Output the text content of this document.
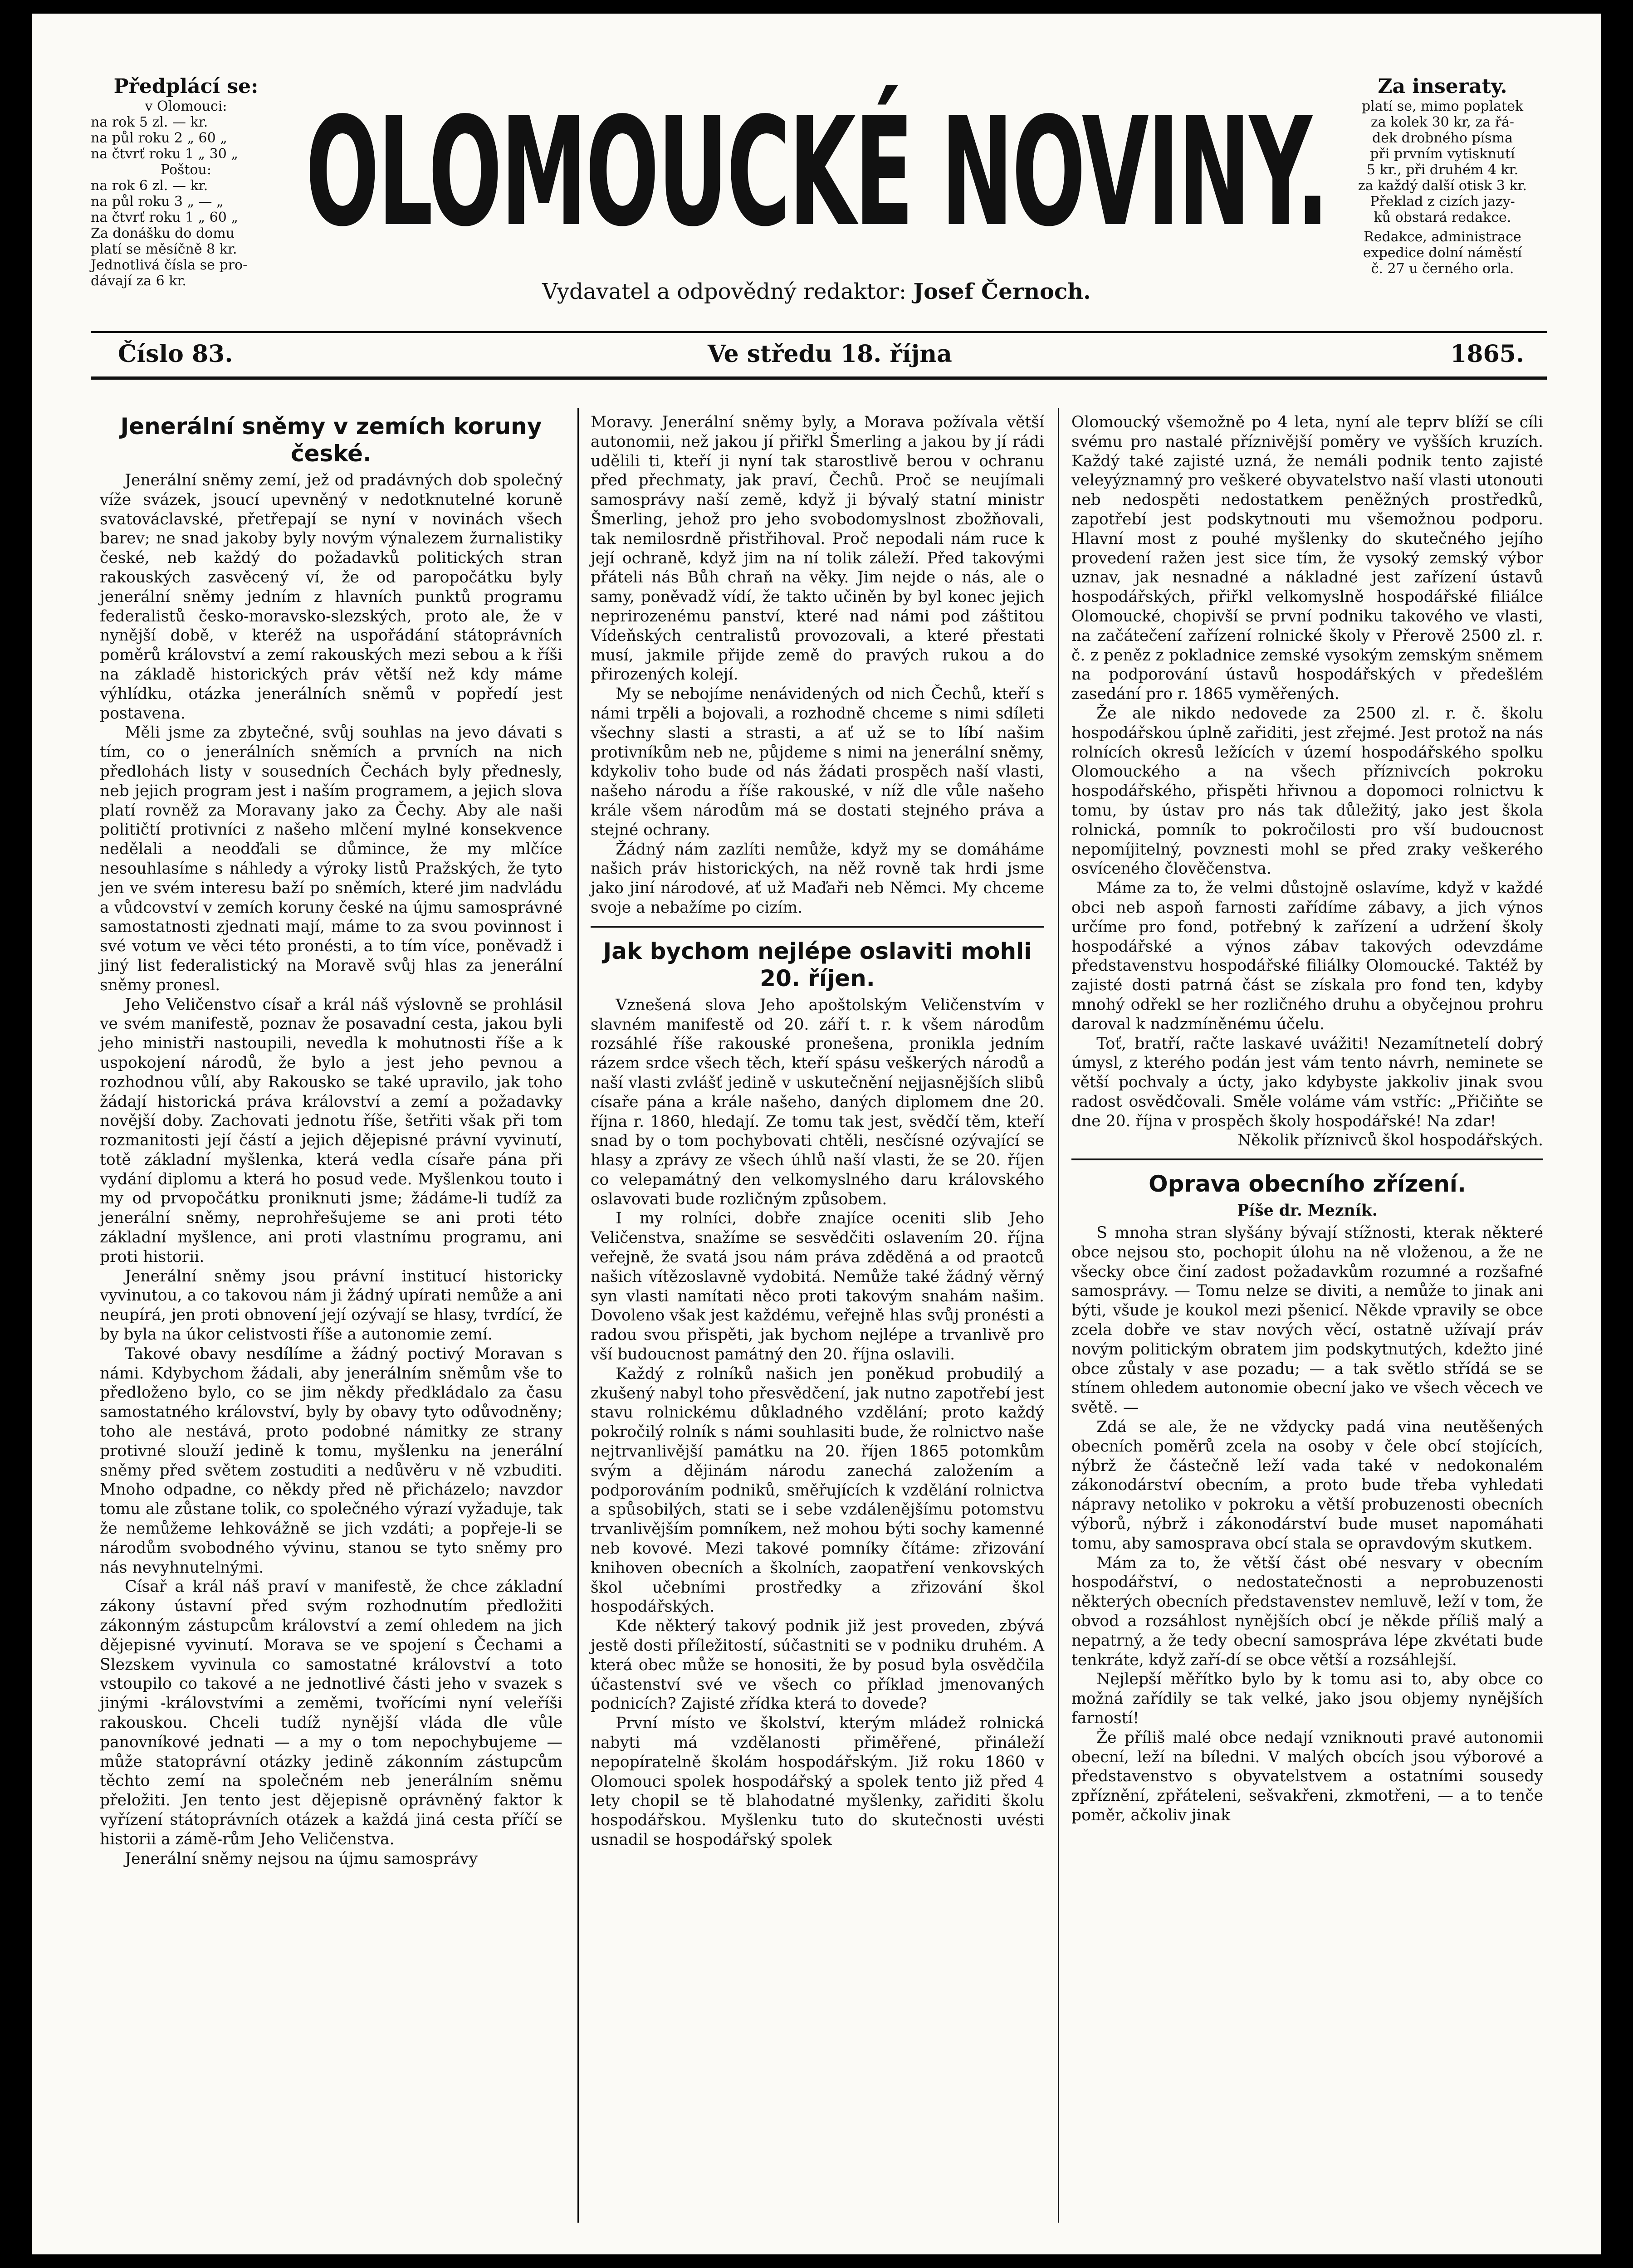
Předplácí se:
v Olomouci:
na rok 5 zl. — kr.
na půl roku 2 „ 60 „
na čtvrť roku 1 „ 30 „
Poštou:
na rok 6 zl. — kr.
na půl roku 3 „ — „
na čtvrť roku 1 „ 60 „
Za donášku do domu
platí se měsíčně 8 kr.
Jednotlivá čísla se pro-
dávají za 6 kr.
OLOMOUCKÉ NOVINY.
Vydavatel a odpovědný redaktor: Josef Černoch.
Za inseraty.
platí se, mimo poplatek
za kolek 30 kr, za řá-
dek drobného písma
při prvním vytisknutí
5 kr., při druhém 4 kr.
za každý další otisk 3 kr.
Překlad z cizích jazy-
ků obstará redakce.
Redakce, administrace
expedice dolní náměstí
č. 27 u černého orla.
Číslo 83.	Ve středu 18. října	1865.
Jenerální sněmy v zemích koruny české.

Jenerální sněmy zemí, jež od pradávných dob společný víže svázek, jsoucí upevněný v nedotknutelné koruně svatováclavské, přetřepají se nyní v novinách všech barev; ne snad jakoby byly novým výnalezem žurnalistiky české, neb každý do požadavků politických stran rakouských zasvěcený ví, že od paropočátku byly jenerální sněmy jedním z hlavních punktů programu federalistů česko-moravsko-slezských, proto ale, že v nynější době, v kteréž na uspořádání státoprávních poměrů království a zemí rakouských mezi sebou a k říši na základě historických práv větší než kdy máme výhlídku, otázka jenerálních sněmů v popředí jest postavena.

Měli jsme za zbytečné, svůj souhlas na jevo dávati s tím, co o jenerálních sněmích a prvních na nich předlohách listy v sousedních Čechách byly přednesly, neb jejich program jest i naším programem, a jejich slova platí rovněž za Moravany jako za Čechy. Aby ale naši političtí protivníci z našeho mlčení mylné konsekvence nedělali a neodďali se důmince, že my mlčíce nesouhlasíme s náhledy a výroky listů Pražských, že tyto jen ve svém interesu baží po sněmích, které jim nadvládu a vůdcovství v zemích koruny české na újmu samosprávné samostatnosti zjednati mají, máme to za svou povinnost i své votum ve věci této pronésti, a to tím více, poněvadž i jiný list federalistický na Moravě svůj hlas za jenerální sněmy pronesl.

Jeho Veličenstvo císař a král náš výslovně se prohlásil ve svém manifestě, poznav že posavadní cesta, jakou byli jeho ministři nastoupili, nevedla k mohutnosti říše a k uspokojení národů, že bylo a jest jeho pevnou a rozhodnou vůlí, aby Rakousko se také upravilo, jak toho žádají historická práva království a zemí a požadavky novější doby. Zachovati jednotu říše, šetřiti však při tom rozmanitosti její částí a jejich dějepisné právní vyvinutí, totě základní myšlenka, která vedla císaře pána při vydání diplomu a která ho posud vede. Myšlenkou touto i my od prvopočátku proniknuti jsme; žádáme-li tudíž za jenerální sněmy, neprohřešujeme se ani proti této základní myšlence, ani proti vlastnímu programu, ani proti historii.

Jenerální sněmy jsou právní institucí historicky vyvinutou, a co takovou nám ji žádný upírati nemůže a ani neupírá, jen proti obnovení její ozývají se hlasy, tvrdící, že by byla na úkor celistvosti říše a autonomie zemí.

Takové obavy nesdílíme a žádný poctivý Moravan s námi. Kdybychom žádali, aby jenerálním sněmům vše to předloženo bylo, co se jim někdy předkládalo za času samostatného království, byly by obavy tyto odůvodněny; toho ale nestává, proto podobné námitky ze strany protivné slouží jedině k tomu, myšlenku na jenerální sněmy před světem zostuditi a nedůvěru v ně vzbuditi. Mnoho odpadne, co někdy před ně přicházelo; navzdor tomu ale zůstane tolik, co společného výrazí vyžaduje, tak že nemůžeme lehkovážně se jich vzdáti; a popřeje-li se národům svobodného vývinu, stanou se tyto sněmy pro nás nevyhnutelnými.

Císař a král náš praví v manifestě, že chce základní zákony ústavní před svým rozhodnutím předložiti zákonným zástupcům království a zemí ohledem na jich dějepisné vyvinutí. Morava se ve spojení s Čechami a Slezskem vyvinula co samostatné království a toto vstoupilo co takové a ne jednotlivé části jeho v svazek s jinými -královstvími a zeměmi, tvořícími nyní veleříši rakouskou. Chceli tudíž nynější vláda dle vůle panovníkové jednati — a my o tom nepochybujeme — může statoprávní otázky jedině zákonním zástupcům těchto zemí na společném neb jenerálním sněmu přeložiti. Jen tento jest dějepisně oprávněný faktor k vyřízení státoprávních otázek a každá jiná cesta příčí se historii a zámě-rům Jeho Veličenstva.

Jenerální sněmy nejsou na újmu samosprávy

Moravy. Jenerální sněmy byly, a Morava požívala větší autonomii, než jakou jí přiřkl Šmerling a jakou by jí rádi udělili ti, kteří ji nyní tak starostlivě berou v ochranu před přechmaty, jak praví, Čechů. Proč se neujímali samosprávy naší země, když ji bývalý statní ministr Šmerling, jehož pro jeho svobodomyslnost zbožňovali, tak nemilosrdně přistřihoval. Proč nepodali nám ruce k její ochraně, když jim na ní tolik záleží. Před takovými přáteli nás Bůh chraň na věky. Jim nejde o nás, ale o samy, poněvadž vídí, že takto učiněn by byl konec jejich neprirozenému panství, které nad námi pod záštitou Vídeňských centralistů provozovali, a které přestati musí, jakmile přijde země do pravých rukou a do přirozených kolejí.

My se nebojíme nenávidených od nich Čechů, kteří s námi trpěli a bojovali, a rozhodně chceme s nimi sdíleti všechny slasti a strasti, a ať už se to líbí našim protivníkům neb ne, půjdeme s nimi na jenerální sněmy, kdykoliv toho bude od nás žádati prospěch naší vlasti, našeho národu a říše rakouské, v níž dle vůle našeho krále všem národům má se dostati stejného práva a stejné ochrany.

Žádný nám zazlíti nemůže, když my se domáháme našich práv historických, na něž rovně tak hrdi jsme jako jiní národové, ať už Maďaři neb Němci. My chceme svoje a nebažíme po cizím.

Jak bychom nejlépe oslaviti mohli 20. říjen.

Vznešená slova Jeho apoštolským Veličenstvím v slavném manifestě od 20. září t. r. k všem národům rozsáhlé říše rakouské pronešena, pronikla jedním rázem srdce všech těch, kteří spásu veškerých národů a naší vlasti zvlášť jedině v uskutečnění nejjasnějších slibů císaře pána a krále našeho, daných diplomem dne 20. října r. 1860, hledají. Ze tomu tak jest, svědčí těm, kteří snad by o tom pochybovati chtěli, nesčísné ozývající se hlasy a zprávy ze všech úhlů naší vlasti, že se 20. říjen co velepamátný den velkomyslného daru královského oslavovati bude rozličným způsobem.

I my rolníci, dobře znajíce oceniti slib Jeho Veličenstva, snažíme se sesvědčiti oslavením 20. října veřejně, že svatá jsou nám práva zděděná a od praotců našich vítězoslavně vydobitá. Nemůže také žádný věrný syn vlasti namítati něco proti takovým snahám našim. Dovoleno však jest každému, veřejně hlas svůj pronésti a radou svou přispěti, jak bychom nejlépe a trvanlivě pro vší budoucnost památný den 20. října oslavili.

Každý z rolníků našich jen poněkud probudilý a zkušený nabyl toho přesvědčení, jak nutno zapotřebí jest stavu rolnickému důkladného vzdělání; proto každý pokročilý rolník s námi souhlasiti bude, že rolnictvo naše nejtrvanlivější památku na 20. říjen 1865 potomkům svým a dějinám národu zanechá založením a podporováním podniků, směřujících k vzdělání rolnictva a spůsobilých, stati se i sebe vzdálenějšímu potomstvu trvanlivějším pomníkem, než mohou býti sochy kamenné neb kovové. Mezi takové pomníky čítáme: zřizování knihoven obecních a školních, zaopatření venkovských škol učebními prostředky a zřizování škol hospodářských.

Kde některý takový podnik již jest proveden, zbývá jestě dosti příležitostí, súčastniti se v podniku druhém. A která obec může se honositi, že by posud byla osvědčila účastenství své ve všech co příklad jmenovaných podnicích? Zajisté zřídka která to dovede?

První místo ve školství, kterým mládež rolnická nabyti má vzdělanosti přiměřené, přináleží nepopíratelně školám hospodářským. Již roku 1860 v Olomouci spolek hospodářský a spolek tento již před 4 lety chopil se tě blahodatné myšlenky, zařiditi školu hospodářskou. Myšlenku tuto do skutečnosti uvésti usnadil se hospodářský spolek

Olomoucký všemožně po 4 leta, nyní ale teprv blíží se cíli svému pro nastalé příznivější poměry ve vyšších kruzích. Každý také zajisté uzná, že nemáli podnik tento zajisté veleyýznamný pro veškeré obyvatelstvo naší vlasti utonouti neb nedospěti nedostatkem peněžných prostředků, zapotřebí jest podskytnouti mu všemožnou podporu. Hlavní most z pouhé myšlenky do skutečného jejího provedení ražen jest sice tím, že vysoký zemský výbor uznav, jak nesnadné a nákladné jest zařízení ústavů hospodářských, přiřkl velkomyslně hospodářské filiálce Olomoucké, chopivší se první podniku takového ve vlasti, na začátečení zařízení rolnické školy v Přerově 2500 zl. r. č. z peněz z pokladnice zemské vysokým zemským sněmem na podporování ústavů hospodářských v předešlém zasedání pro r. 1865 vyměřených.

Že ale nikdo nedovede za 2500 zl. r. č. školu hospodářskou úplně zařiditi, jest zřejmé. Jest protož na nás rolnících okresů ležících v území hospodářského spolku Olomouckého a na všech příznivcích pokroku hospodářského, přispěti hřivnou a dopomoci rolnictvu k tomu, by ústav pro nás tak důležitý, jako jest škola rolnická, pomník to pokročilosti pro vší budoucnost nepomíjitelný, povznesti mohl se před zraky veškerého osvíceného člověčenstva.

Máme za to, že velmi důstojně oslavíme, když v každé obci neb aspoň farnosti zařídíme zábavy, a jich výnos určíme pro fond, potřebný k zařízení a udržení školy hospodářské a výnos zábav takových odevzdáme představenstvu hospodářské filiálky Olomoucké. Taktéž by zajisté dosti patrná část se získala pro fond ten, kdyby mnohý odřekl se her rozličného druhu a obyčejnou prohru daroval k nadzmíněnému účelu.

Toť, bratří, račte laskavé uvážiti! Nezamítnetelí dobrý úmysl, z kterého podán jest vám tento návrh, neminete se větší pochvaly a úcty, jako kdybyste jakkoliv jinak svou radost osvědčovali. Směle voláme vám vstříc: „Přičiňte se dne 20. října v prospěch školy hospodářské! Na zdar!

Několik příznivců škol hospodářských.

Oprava obecního zřízení.

Píše dr. Mezník.

S mnoha stran slyšány bývají stížnosti, kterak některé obce nejsou sto, pochopit úlohu na ně vloženou, a že ne všecky obce činí zadost požadavkům rozumné a rozšafné samosprávy. — Tomu nelze se diviti, a nemůže to jinak ani býti, všude je koukol mezi pšenicí. Někde vpravily se obce zcela dobře ve stav nových věcí, ostatně užívají práv novým politickým obratem jim podskytnutých, kdežto jiné obce zůstaly v ase pozadu; — a tak světlo střídá se se stínem ohledem autonomie obecní jako ve všech věcech ve světě. —

Zdá se ale, že ne vždycky padá vina neutěšených obecních poměrů zcela na osoby v čele obcí stojících, nýbrž že částečně leží vada také v nedokonalém zákonodárství obecním, a proto bude třeba vyhledati nápravy netoliko v pokroku a větší probuzenosti obecních výborů, nýbrž i zákonodárství bude muset napomáhati tomu, aby samosprava obcí stala se opravdovým skutkem.

Mám za to, že větší část obé nesvary v obecním hospodářství, o nedostatečnosti a neprobuzenosti některých obecních představenstev nemluvě, leží v tom, že obvod a rozsáhlost nynějších obcí je někde příliš malý a nepatrný, a že tedy obecní samospráva lépe zkvétati bude tenkráte, když zaří-dí se obce větší a rozsáhlejší.

Nejlepší měřítko bylo by k tomu asi to, aby obce co možná zařídily se tak velké, jako jsou objemy nynějších farností!

Že příliš malé obce nedají vzniknouti pravé autonomii obecní, leží na bíledni. V malých obcích jsou výborové a představenstvo s obyvatelstvem a ostatními sousedy zpříznění, zpřáteleni, sešvakřeni, zkmotřeni, — a to tenče poměr, ačkoliv jinak
